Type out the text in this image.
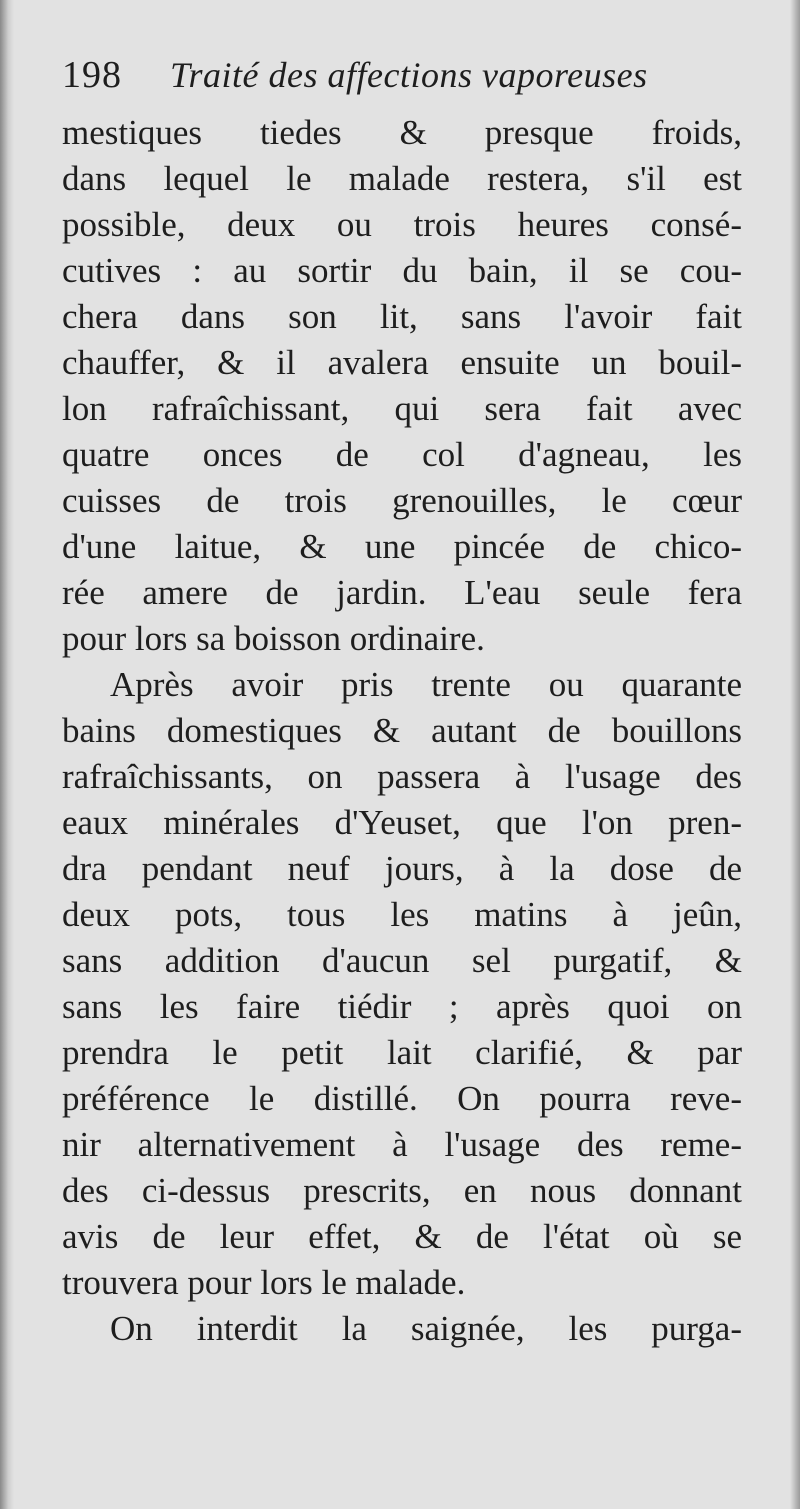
198 Traité des affections vaporeuses
mestiques tiedes & presque froids,
dans lequel le malade restera, s'il est
possible, deux ou trois heures consé-
cutives : au sortir du bain, il se cou-
chera dans son lit, sans l'avoir fait
chauffer, & il avalera ensuite un bouil-
lon rafraîchissant, qui sera fait avec
quatre onces de col d'agneau, les
cuisses de trois grenouilles, le cœur
d'une laitue, & une pincée de chico-
rée amere de jardin. L'eau seule fera
pour lors sa boisson ordinaire.
Après avoir pris trente ou quarante
bains domestiques & autant de bouillons
rafraîchissants, on passera à l'usage des
eaux minérales d'Yeuset, que l'on pren-
dra pendant neuf jours, à la dose de
deux pots, tous les matins à jeûn,
sans addition d'aucun sel purgatif, &
sans les faire tiédir ; après quoi on
prendra le petit lait clarifié, & par
préférence le distillé. On pourra reve-
nir alternativement à l'usage des reme-
des ci-dessus prescrits, en nous donnant
avis de leur effet, & de l'état où se
trouvera pour lors le malade.
On interdit la saignée, les purga-
